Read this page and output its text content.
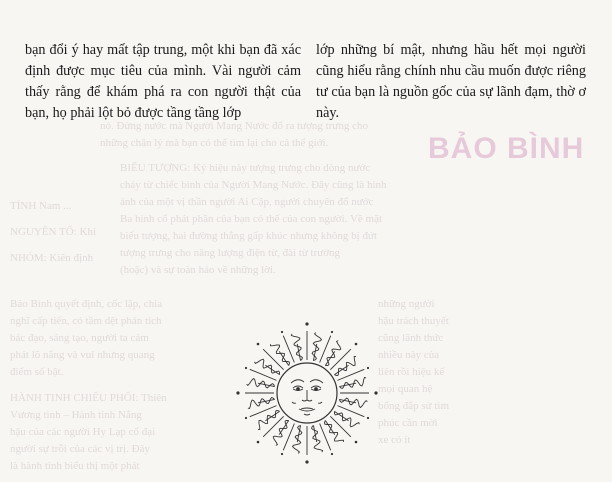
BẢO BÌNH
nó. Đừng nước mà Người Mang Nước đổ ra tượng trưng cho
những chân lý mà bạn có thể tìm lại cho cả thế giới.
BIỂU TƯỢNG: Ký hiệu này tượng trưng cho dòng nước
chảy từ chiếc bình của Người Mang Nước. Đây cũng là hình
ảnh của một vị thần người Ai Cập, người chuyên đổ nước
Ba hình cổ phát phần của bạn có thể của con người. Về mặt
biểu tượng, hai đường thẳng gấp khúc nhưng không bị đứt
tượng trưng cho năng lượng điện từ, đài từ trường
(hoặc) và sự toàn hảo về những lời.
TÍNH Nam ...
NGUYÊN TỐ: Khí
NHÓM: Kiên định
Bảo Bình quyết định, cốc lập, chia
nghĩ cấp tiến, có tầm dệt phản tích
bác đạo, sáng tạo, người ta cảm
phát lõ nắng và vui nhưng quang
điểm số bật.
HÀNH TINH CHIẾU PHỐI: Thiên
Vương tinh – Hành tinh Nắng
hậu của các người Hy Lạp cổ đại
người sự trỗi của các vị trị. Đây
là hành tinh biểu thị một phát
những người
hậu trách thuyết
cũng lãnh thức
nhiều này của
liên rồi hiệu kế
mọi quan hệ
bổng đắp sử tìm
phúc cần mời
xe có ít

bạn đổi ý hay mất tập trung, một khi bạn đã xác định được mục tiêu của mình. Vài người cảm thấy rằng để khám phá ra con người thật của bạn, họ phải lột bỏ được tầng tầng lớp

lớp những bí mật, nhưng hầu hết mọi người cũng hiểu rằng chính nhu cầu muốn được riêng tư của bạn là nguồn gốc của sự lãnh đạm, thờ ơ này.
